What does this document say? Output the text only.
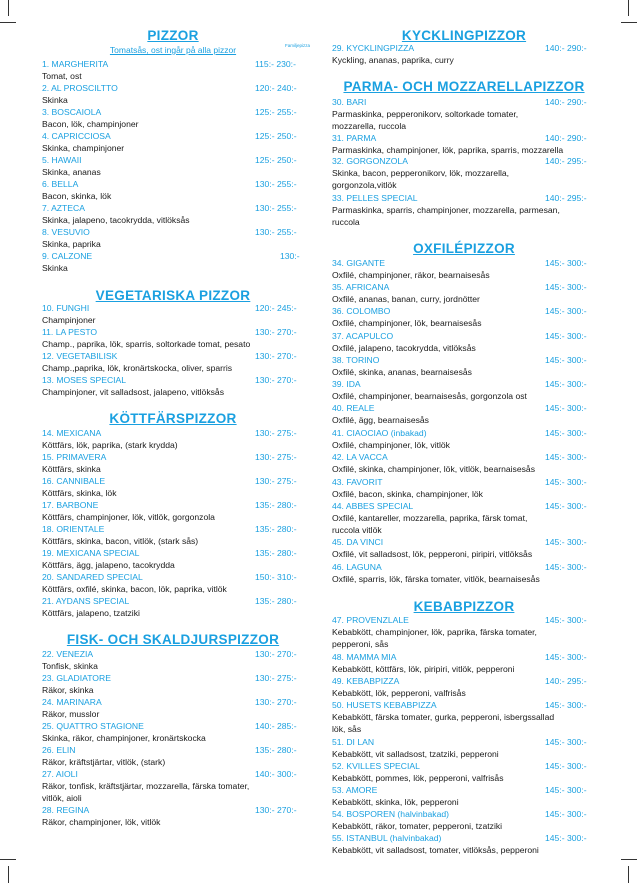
PIZZOR
Tomatsås, ost ingår på alla pizzor	Familjepizza
1. MARGHERITA	115:- 230:-
Tomat, ost
2. AL PROSCILTTO	120:- 240:-
Skinka
3. BOSCAIOLA	125:- 255:-
Bacon, lök, champinjoner
4. CAPRICCIOSA	125:- 250:-
Skinka, champinjoner
5. HAWAII	125:- 250:-
Skinka, ananas
6. BELLA	130:- 255:-
Bacon, skinka, lök
7. AZTECA	130:- 255:-
Skinka, jalapeno, tacokrydda, vitlöksås
8. VESUVIO	130:- 255:-
Skinka, paprika
9. CALZONE	130:-
Skinka
VEGETARISKA PIZZOR
10. FUNGHI	120:- 245:-
Champinjoner
11. LA PESTO	130:- 270:-
Champ., paprika, lök, sparris, soltorkade tomat, pesato
12. VEGETABILISK	130:- 270:-
Champ.,paprika, lök, kronärtskocka, oliver, sparris
13. MOSES SPECIAL	130:- 270:-
Champinjoner, vit salladsost, jalapeno, vitlöksås
KÖTTFÄRSPIZZOR
14. MEXICANA	130:- 275:-
Köttfärs, lök, paprika, (stark krydda)
15. PRIMAVERA	130:- 275:-
Köttfärs, skinka
16. CANNIBALE	130:- 275:-
Köttfärs, skinka, lök
17. BARBONE	135:- 280:-
Köttfärs, champinjoner, lök, vitlök, gorgonzola
18. ORIENTALE	135:- 280:-
Köttfärs, skinka, bacon, vitlök, (stark sås)
19. MEXICANA SPECIAL	135:- 280:-
Köttfärs, ägg, jalapeno, tacokrydda
20. SANDARED SPECIAL	150:- 310:-
Köttfärs, oxfilé, skinka, bacon, lök, paprika, vitlök
21. AYDANS SPECIAL	135:- 280:-
Köttfärs, jalapeno, tzatziki
FISK- OCH SKALDJURSPIZZOR
22. VENEZIA	130:- 270:-
Tonfisk, skinka
23. GLADIATORE	130:- 275:-
Räkor, skinka
24. MARINARA	130:- 270:-
Räkor, musslor
25. QUATTRO STAGIONE	140:- 285:-
Skinka, räkor, champinjoner, kronärtskocka
26. ELIN	135:- 280:-
Räkor, kräftstjärtar, vitlök, (stark)
27. AIOLI	140:- 300:-
Räkor, tonfisk, kräftstjärtar, mozzarella, färska tomater,
vitlök, aioli
28. REGINA	130:- 270:-
Räkor, champinjoner, lök, vitlök
KYCKLINGPIZZOR
29. KYCKLINGPIZZA	140:- 290:-
Kyckling, ananas, paprika, curry
PARMA- OCH MOZZARELLAPIZZOR
30. BARI	140:- 290:-
Parmaskinka, pepperonikorv, soltorkade tomater,
mozzarella, ruccola
31. PARMA	140:- 290:-
Parmaskinka, champinjoner, lök, paprika, sparris, mozzarella
32. GORGONZOLA	140:- 295:-
Skinka, bacon, pepperonikorv, lök, mozzarella,
gorgonzola,vitlök
33. PELLES SPECIAL	140:- 295:-
Parmaskinka, sparris, champinjoner, mozzarella, parmesan,
ruccola
OXFILÉPIZZOR
34. GIGANTE	145:- 300:-
Oxfilé, champinjoner, räkor, bearnaisesås
35. AFRICANA	145:- 300:-
Oxfilé, ananas, banan, curry, jordnötter
36. COLOMBO	145:- 300:-
Oxfilé, champinjoner, lök, bearnaisesås
37. ACAPULCO	145:- 300:-
Oxfilé, jalapeno, tacokrydda, vitlöksås
38. TORINO	145:- 300:-
Oxfilé, skinka, ananas, bearnaisesås
39. IDA	145:- 300:-
Oxfilé, champinjoner, bearnaisesås, gorgonzola ost
40. REALE	145:- 300:-
Oxfilé, ägg, bearnaisesås
41. CIAOCIAO (inbakad)	145:- 300:-
Oxfilé, champinjoner, lök, vitlök
42. LA VACCA	145:- 300:-
Oxfilé, skinka, champinjoner, lök, vitlök, bearnaisesås
43. FAVORIT	145:- 300:-
Oxfilé, bacon, skinka, champinjoner, lök
44. ABBES SPECIAL	145:- 300:-
Oxfilé, kantareller, mozzarella, paprika, färsk tomat,
ruccola vitlök
45. DA VINCI	145:- 300:-
Oxfilé, vit salladsost, lök, pepperoni, piripiri, vitlöksås
46. LAGUNA	145:- 300:-
Oxfilé, sparris, lök, färska tomater, vitlök, bearnaisesås
KEBABPIZZOR
47. PROVENZLALE	145:- 300:-
Kebabkött, champinjoner, lök, paprika, färska tomater,
pepperoni, sås
48. MAMMA MIA	145:- 300:-
Kebabkött, köttfärs, lök, piripiri, vitlök, pepperoni
49. KEBABPIZZA	140:- 295:-
Kebabkött, lök, pepperoni, valfrisås
50. HUSETS KEBABPIZZA	145:- 300:-
Kebabkött, färska tomater, gurka, pepperoni, isbergssallad
lök, sås
51. DI LAN	145:- 300:-
Kebabkött, vit salladsost, tzatziki, pepperoni
52. KVILLES SPECIAL	145:- 300:-
Kebabkött, pommes, lök, pepperoni, valfrisås
53. AMORE	145:- 300:-
Kebabkött, skinka, lök, pepperoni
54. BOSPOREN (halvinbakad)	145:- 300:-
Kebabkött, räkor, tomater, pepperoni, tzatziki
55. ISTANBUL (halvinbakad)	145:- 300:-
Kebabkött, vit salladsost, tomater, vitlöksås, pepperoni
